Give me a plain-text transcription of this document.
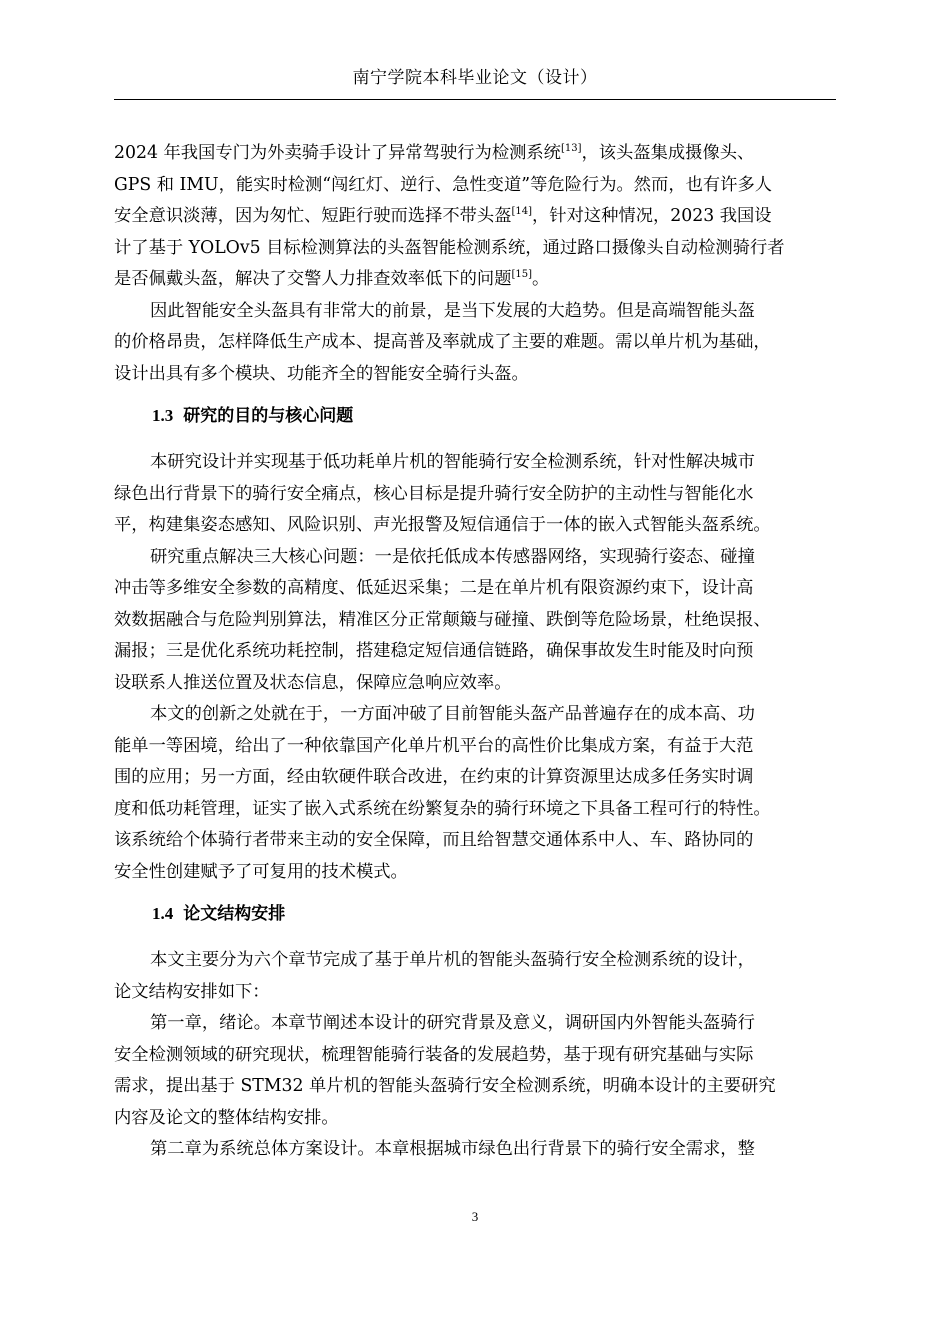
南宁学院本科毕业论文（设计）

2024 年我国专门为外卖骑手设计了异常驾驶行为检测系统[13]，该头盔集成摄像头、
GPS 和 IMU，能实时检测“闯红灯、逆行、急性变道”等危险行为。然而，也有许多人
安全意识淡薄，因为匆忙、短距行驶而选择不带头盔[14]，针对这种情况，2023 我国设
计了基于 YOLOv5 目标检测算法的头盔智能检测系统，通过路口摄像头自动检测骑行者
是否佩戴头盔，解决了交警人力排查效率低下的问题[15]。

因此智能安全头盔具有非常大的前景，是当下发展的大趋势。但是高端智能头盔
的价格昂贵，怎样降低生产成本、提高普及率就成了主要的难题。需以单片机为基础，
设计出具有多个模块、功能齐全的智能安全骑行头盔。

1.3 研究的目的与核心问题

本研究设计并实现基于低功耗单片机的智能骑行安全检测系统，针对性解决城市
绿色出行背景下的骑行安全痛点，核心目标是提升骑行安全防护的主动性与智能化水
平，构建集姿态感知、风险识别、声光报警及短信通信于一体的嵌入式智能头盔系统。

研究重点解决三大核心问题：一是依托低成本传感器网络，实现骑行姿态、碰撞
冲击等多维安全参数的高精度、低延迟采集；二是在单片机有限资源约束下，设计高
效数据融合与危险判别算法，精准区分正常颠簸与碰撞、跌倒等危险场景，杜绝误报、
漏报；三是优化系统功耗控制，搭建稳定短信通信链路，确保事故发生时能及时向预
设联系人推送位置及状态信息，保障应急响应效率。

本文的创新之处就在于，一方面冲破了目前智能头盔产品普遍存在的成本高、功
能单一等困境，给出了一种依靠国产化单片机平台的高性价比集成方案，有益于大范
围的应用；另一方面，经由软硬件联合改进，在约束的计算资源里达成多任务实时调
度和低功耗管理，证实了嵌入式系统在纷繁复杂的骑行环境之下具备工程可行的特性。
该系统给个体骑行者带来主动的安全保障，而且给智慧交通体系中人、车、路协同的
安全性创建赋予了可复用的技术模式。

1.4 论文结构安排

本文主要分为六个章节完成了基于单片机的智能头盔骑行安全检测系统的设计，
论文结构安排如下：

第一章，绪论。本章节阐述本设计的研究背景及意义，调研国内外智能头盔骑行
安全检测领域的研究现状，梳理智能骑行装备的发展趋势，基于现有研究基础与实际
需求，提出基于 STM32 单片机的智能头盔骑行安全检测系统，明确本设计的主要研究
内容及论文的整体结构安排。

第二章为系统总体方案设计。本章根据城市绿色出行背景下的骑行安全需求，整

3
